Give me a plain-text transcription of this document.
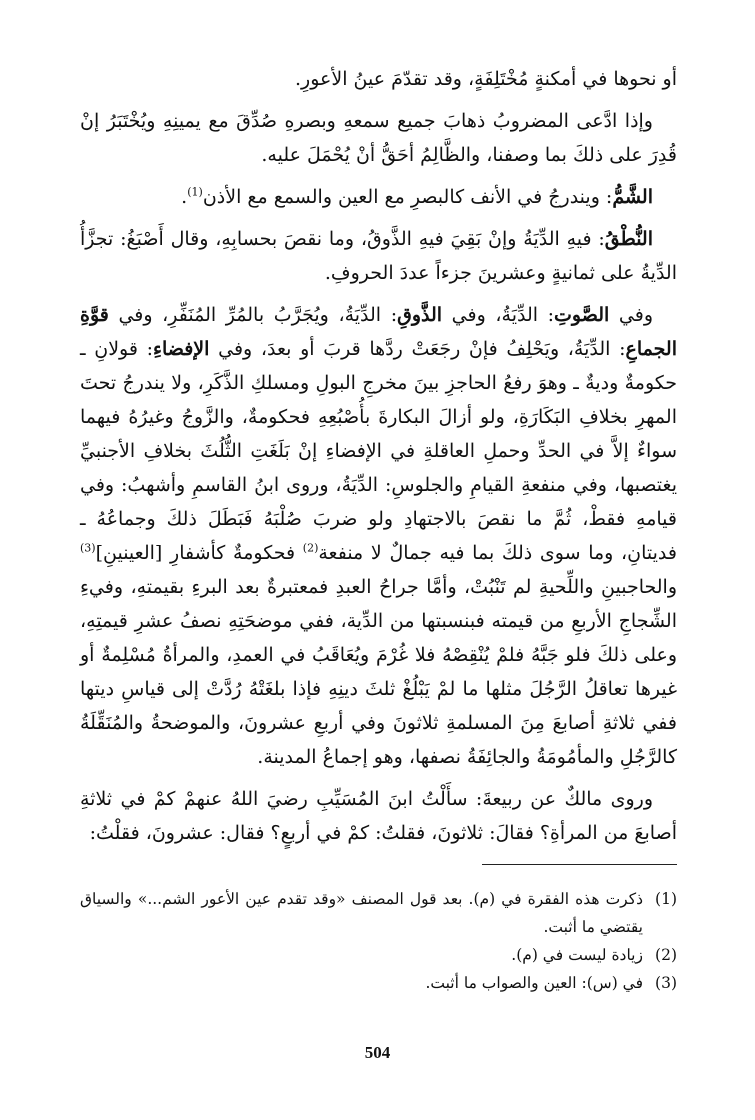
أو نحوها في أمكنةٍ مُخْتَلِفَةٍ، وقد تقدّمَ عينُ الأعورِ.

وإذا ادَّعى المضروبُ ذهابَ جميع سمعهِ وبصرهِ صُدِّقَ مع يمينِهِ ويُخْتَبَرُ إنْ قُدِرَ على ذلكَ بما وصفنا، والظَّالِمُ أحَقُّ أنْ يُحْمَلَ عليه.

الشَّمُّ: ويندرجُ في الأنف كالبصرِ مع العين والسمع مع الأذن$^{(1)}$.

النُّطْقُ: فيهِ الدِّيَةُ وإنْ بَقِيَ فيهِ الذَّوقُ، وما نقصَ بحسابِهِ، وقال أَصْبَغُ: تجزَّأُ الدِّيةُ على ثمانيةٍ وعشرينَ جزءاً عددَ الحروفِ.

وفي الصَّوتِ: الدِّيَةُ، وفي الذَّوقِ: الدِّيَةُ، ويُجَرَّبُ بالمُرِّ المُنَفِّرِ، وفي قوَّةِ الجماعِ: الدِّيَةُ، ويَحْلِفُ فإنْ رجَعَتْ ردَّها قربَ أو بعدَ، وفي الإفضاءِ: قولانِ ـ حكومةٌ وديةٌ ـ وهوَ رفعُ الحاجزِ بينَ مخرجِ البولِ ومسلكِ الذَّكَرِ، ولا يندرجُ تحتَ المهرِ بخلافِ البَكَارَةِ، ولو أزالَ البكارةَ بأُصْبُعِهِ فحكومةٌ، والزَّوجُ وغيرُهُ فيهما سواءٌ إلاَّ في الحدِّ وحملِ العاقلةِ في الإفضاءِ إنْ بَلَغَتِ الثُّلُثَ بخلافِ الأجنبيِّ يغتصبها، وفي منفعةِ القيامِ والجلوسِ: الدِّيَةُ، وروى ابنُ القاسمِ وأشهبُ: وفي قيامهِ فقطْ، ثُمَّ ما نقصَ بالاجتهادِ ولو ضربَ صُلْبَهُ فَبَطَلَ ذلكَ وجماعُهُ ـ فديتانِ، وما سوى ذلكَ بما فيه جمالٌ لا منفعة$^{(2)}$ فحكومةٌ كأشفارِ [العينينِ]$^{(3)}$ والحاجبينِ واللِّحيةِ لم تَنْبُتْ، وأمَّا جراحُ العبدِ فمعتبرةٌ بعد البرءِ بقيمتهِ، وفيءِ الشِّجاجِ الأربعِ من قيمته فبنسبتها من الدِّية، ففي موضحَتِهِ نصفُ عشرِ قيمتِهِ، وعلى ذلكَ فلو جَبَّهُ فلمْ يُنْقِصْهُ فلا غُرْمَ ويُعَاقَبُ في العمدِ، والمرأةُ مُسْلِمةٌ أو غيرها تعاقلُ الرَّجُلَ مثلها ما لمْ يَبْلُغْ ثلثَ دينِهِ فإذا بلغَتْهُ رُدَّتْ إلى قياسِ ديتها ففي ثلاثةِ أصابعَ مِنَ المسلمةِ ثلاثونَ وفي أربعِ عشرونَ، والموضحةُ والمُنَقِّلَةُ كالرَّجُلِ والمأمُومَةُ والجائِفَةُ نصفها، وهو إجماعُ المدينة.

وروى مالكٌ عن ربيعةَ: سأَلْتُ ابنَ المُسَيِّبِ رضيَ اللهُ عنهمْ كمْ في ثلاثةِ أصابعَ من المرأةِ؟ فقالَ: ثلاثونَ، فقلتُ: كمْ في أربعٍ؟ فقال: عشرونَ، فقلْتُ:

(1)
ذكرت هذه الفقرة في (م). بعد قول المصنف «وقد تقدم عين الأعور الشم...» والسياق يقتضي ما أثبت.
(2)
زيادة ليست في (م).
(3)
في (س): العين والصواب ما أثبت.
504
